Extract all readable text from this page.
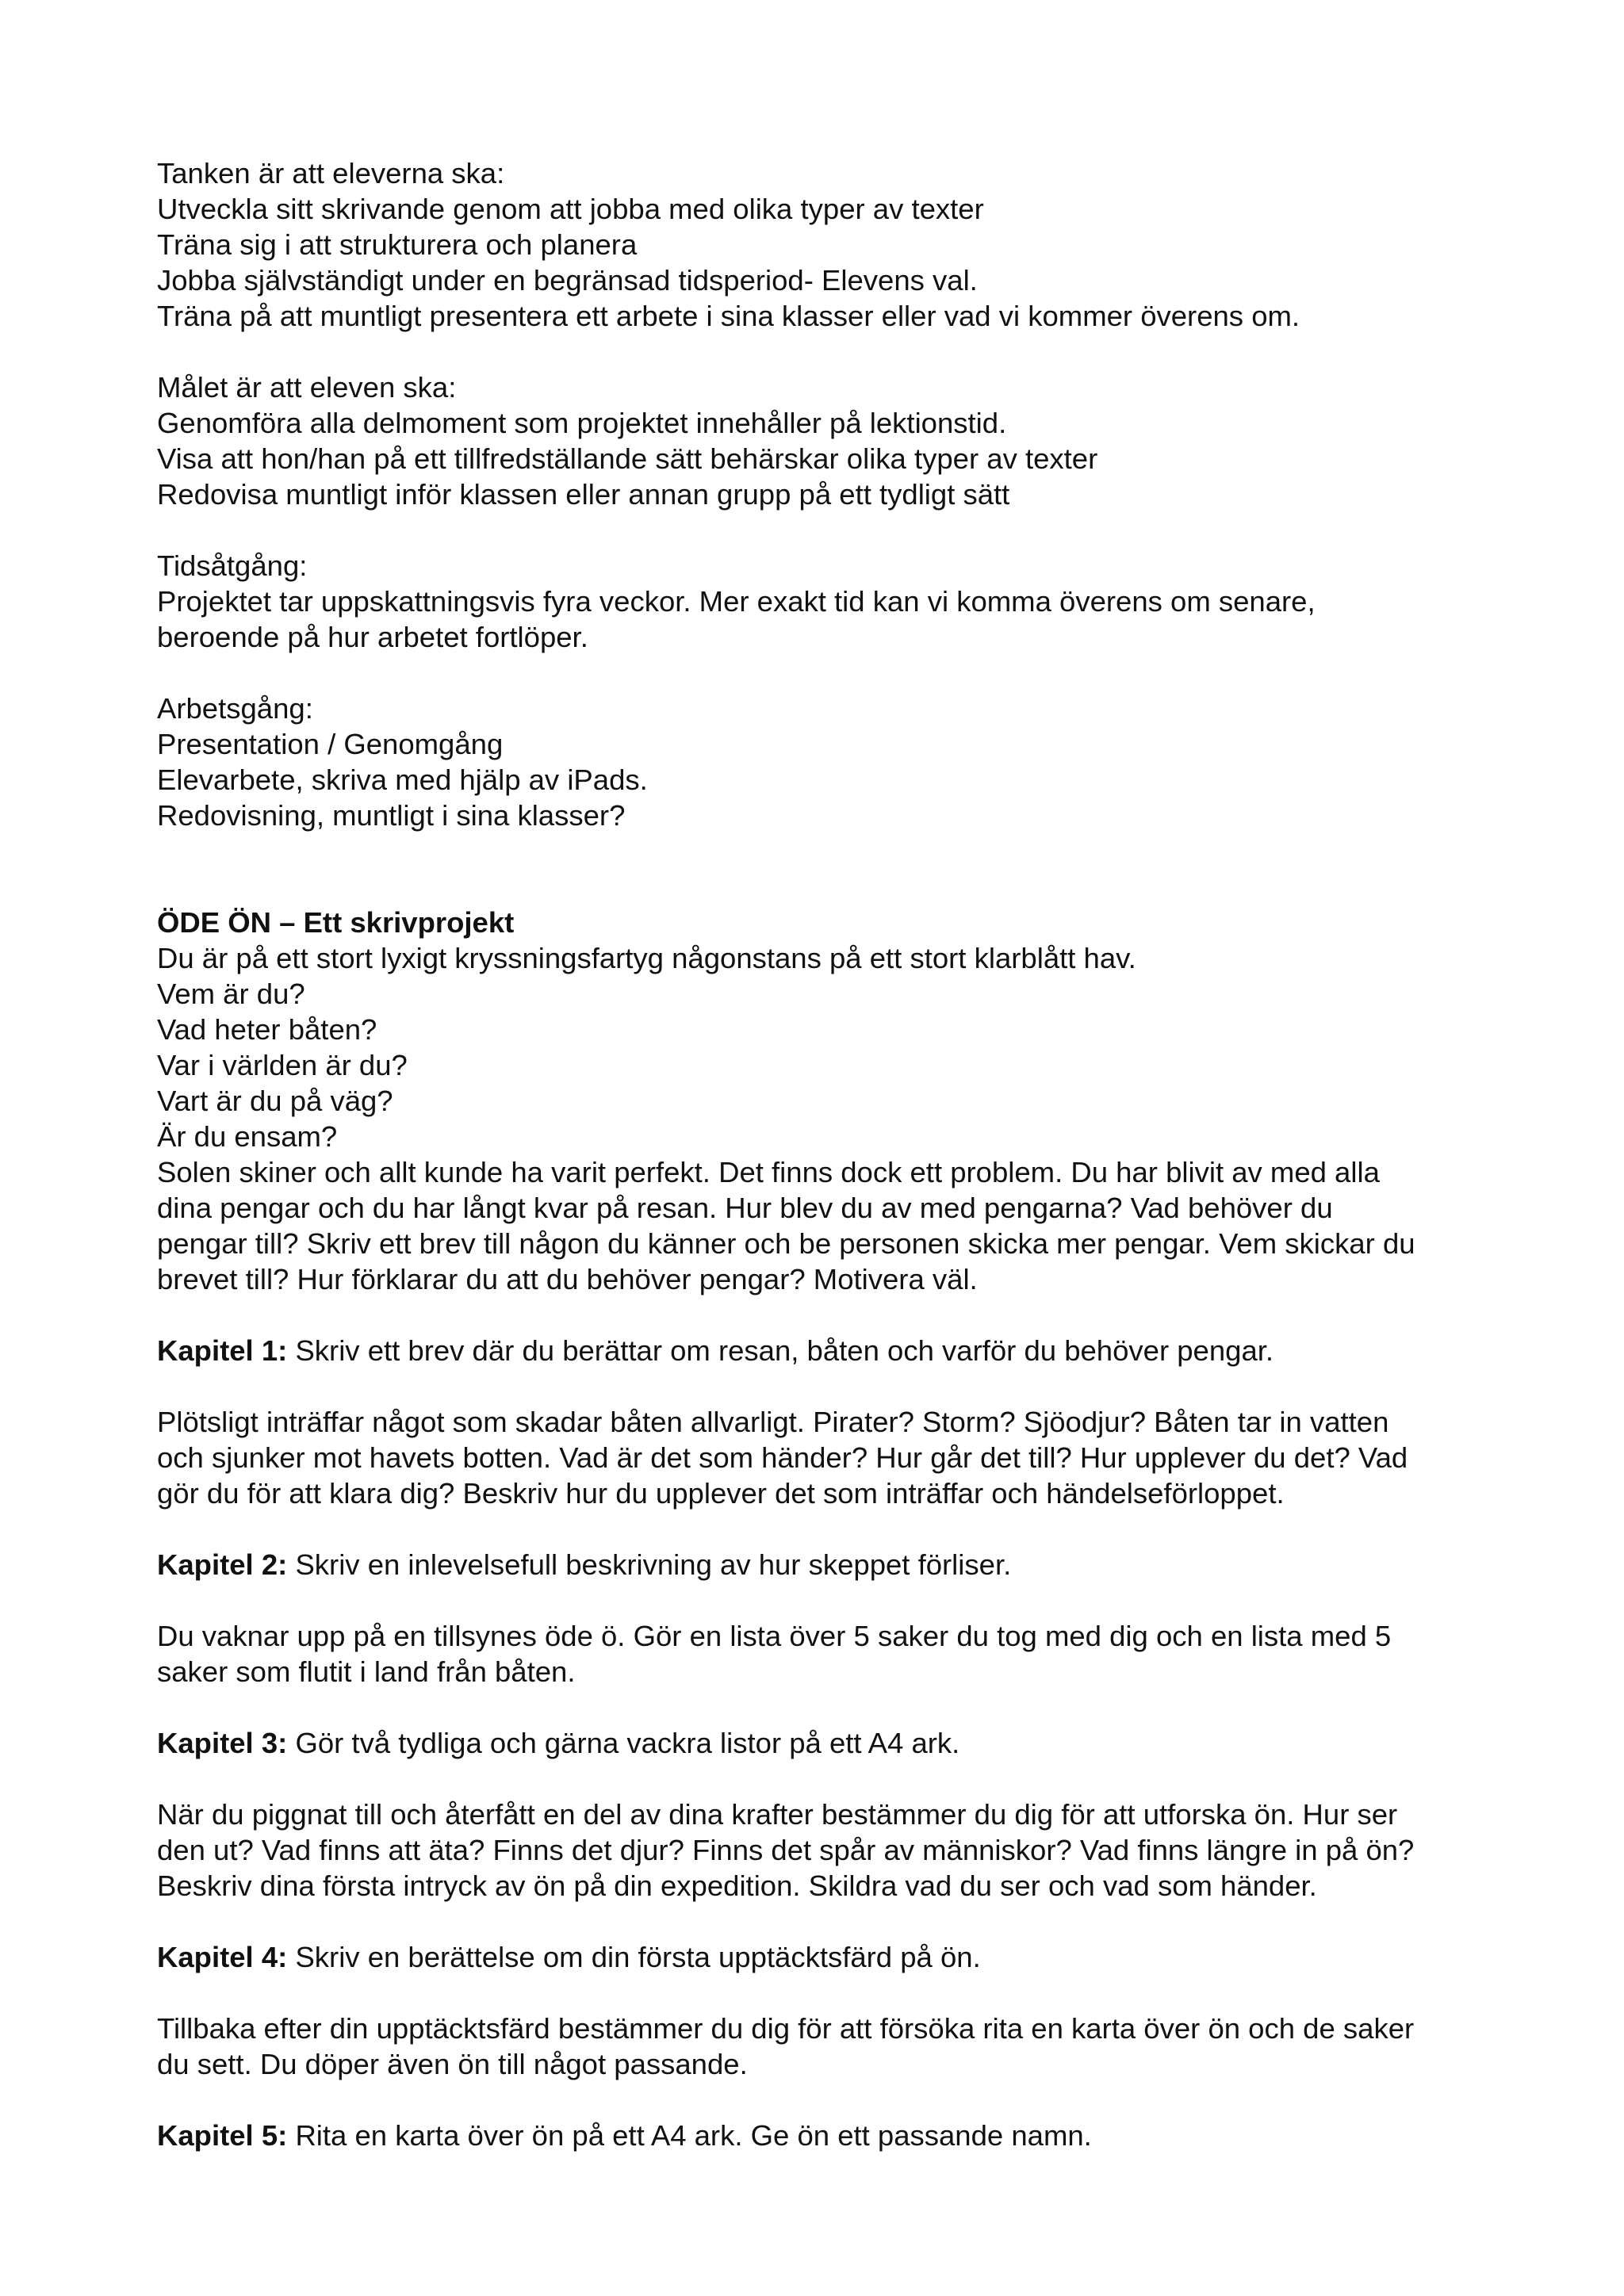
Tanken är att eleverna ska:
Utveckla sitt skrivande genom att jobba med olika typer av texter
Träna sig i att strukturera och planera
Jobba självständigt under en begränsad tidsperiod- Elevens val.
Träna på att muntligt presentera ett arbete i sina klasser eller vad vi kommer överens om.
Målet är att eleven ska:
Genomföra alla delmoment som projektet innehåller på lektionstid.
Visa att hon/han på ett tillfredställande sätt behärskar olika typer av texter
Redovisa muntligt inför klassen eller annan grupp på ett tydligt sätt
Tidsåtgång:
Projektet tar uppskattningsvis fyra veckor. Mer exakt tid kan vi komma överens om senare,
beroende på hur arbetet fortlöper.
Arbetsgång:
Presentation / Genomgång
Elevarbete, skriva med hjälp av iPads.
Redovisning, muntligt i sina klasser?
ÖDE ÖN – Ett skrivprojekt
Du är på ett stort lyxigt kryssningsfartyg någonstans på ett stort klarblått hav.
Vem är du?
Vad heter båten?
Var i världen är du?
Vart är du på väg?
Är du ensam?
Solen skiner och allt kunde ha varit perfekt. Det finns dock ett problem. Du har blivit av med alla
dina pengar och du har långt kvar på resan. Hur blev du av med pengarna? Vad behöver du
pengar till? Skriv ett brev till någon du känner och be personen skicka mer pengar. Vem skickar du
brevet till? Hur förklarar du att du behöver pengar? Motivera väl.
Kapitel 1: Skriv ett brev där du berättar om resan, båten och varför du behöver pengar.
Plötsligt inträffar något som skadar båten allvarligt. Pirater? Storm? Sjöodjur? Båten tar in vatten
och sjunker mot havets botten. Vad är det som händer? Hur går det till? Hur upplever du det? Vad
gör du för att klara dig? Beskriv hur du upplever det som inträffar och händelseförloppet.
Kapitel 2: Skriv en inlevelsefull beskrivning av hur skeppet förliser.
Du vaknar upp på en tillsynes öde ö. Gör en lista över 5 saker du tog med dig och en lista med 5
saker som flutit i land från båten.
Kapitel 3: Gör två tydliga och gärna vackra listor på ett A4 ark.
När du piggnat till och återfått en del av dina krafter bestämmer du dig för att utforska ön. Hur ser
den ut? Vad finns att äta? Finns det djur? Finns det spår av människor? Vad finns längre in på ön?
Beskriv dina första intryck av ön på din expedition. Skildra vad du ser och vad som händer.
Kapitel 4: Skriv en berättelse om din första upptäcktsfärd på ön.
Tillbaka efter din upptäcktsfärd bestämmer du dig för att försöka rita en karta över ön och de saker
du sett. Du döper även ön till något passande.
Kapitel 5: Rita en karta över ön på ett A4 ark. Ge ön ett passande namn.
